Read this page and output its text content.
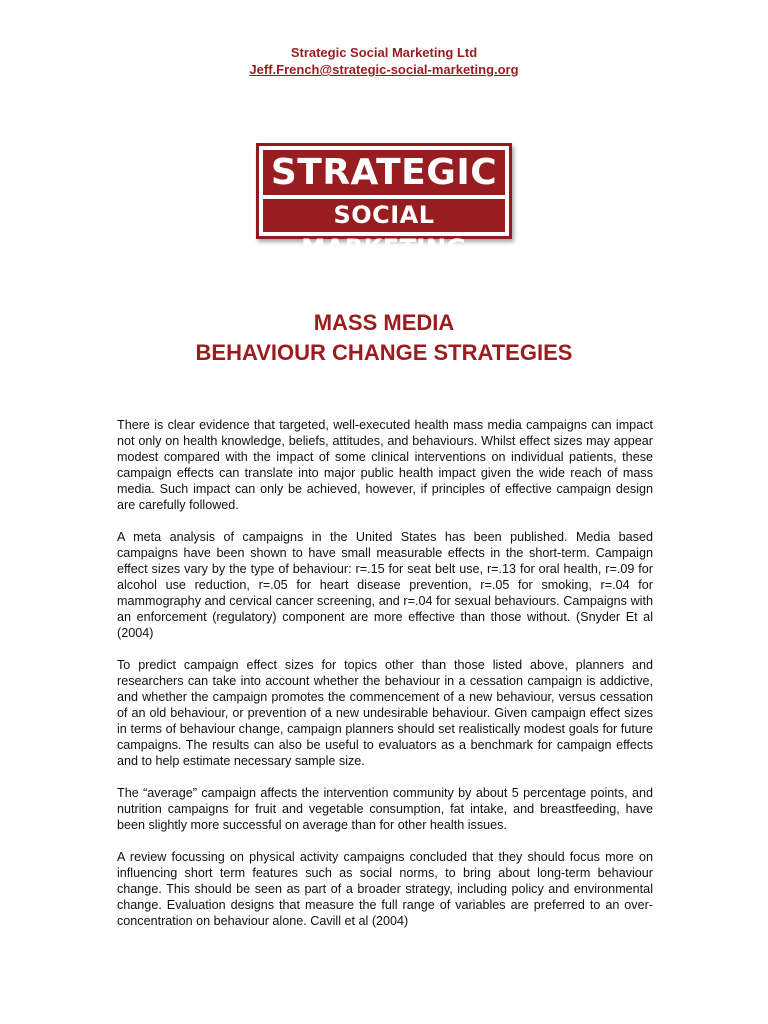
Strategic Social Marketing Ltd
Jeff.French@strategic-social-marketing.org
STRATEGIC
SOCIAL MARKETING
MASS MEDIA
BEHAVIOUR CHANGE STRATEGIES

There is clear evidence that targeted, well-executed health mass media campaigns can impact not only on health knowledge, beliefs, attitudes, and behaviours. Whilst effect sizes may appear modest compared with the impact of some clinical interventions on individual patients, these campaign effects can translate into major public health impact given the wide reach of mass media. Such impact can only be achieved, however, if principles of effective campaign design are carefully followed.

A meta analysis of campaigns in the United States has been published. Media based campaigns have been shown to have small measurable effects in the short-term. Campaign effect sizes vary by the type of behaviour: r=.15 for seat belt use, r=.13 for oral health, r=.09 for alcohol use reduction, r=.05 for heart disease prevention, r=.05 for smoking, r=.04 for mammography and cervical cancer screening, and r=.04 for sexual behaviours. Campaigns with an enforcement (regulatory) component are more effective than those without. (Snyder Et al (2004)

To predict campaign effect sizes for topics other than those listed above, planners and researchers can take into account whether the behaviour in a cessation campaign is addictive, and whether the campaign promotes the commencement of a new behaviour, versus cessation of an old behaviour, or prevention of a new undesirable behaviour. Given campaign effect sizes in terms of behaviour change, campaign planners should set realistically modest goals for future campaigns. The results can also be useful to evaluators as a benchmark for campaign effects and to help estimate necessary sample size.

The “average” campaign affects the intervention community by about 5 percentage points, and nutrition campaigns for fruit and vegetable consumption, fat intake, and breastfeeding, have been slightly more successful on average than for other health issues.

A review focussing on physical activity campaigns concluded that they should focus more on influencing short term features such as social norms, to bring about long-term behaviour change. This should be seen as part of a broader strategy, including policy and environmental change. Evaluation designs that measure the full range of variables are preferred to an over-concentration on behaviour alone. Cavill et al (2004)
